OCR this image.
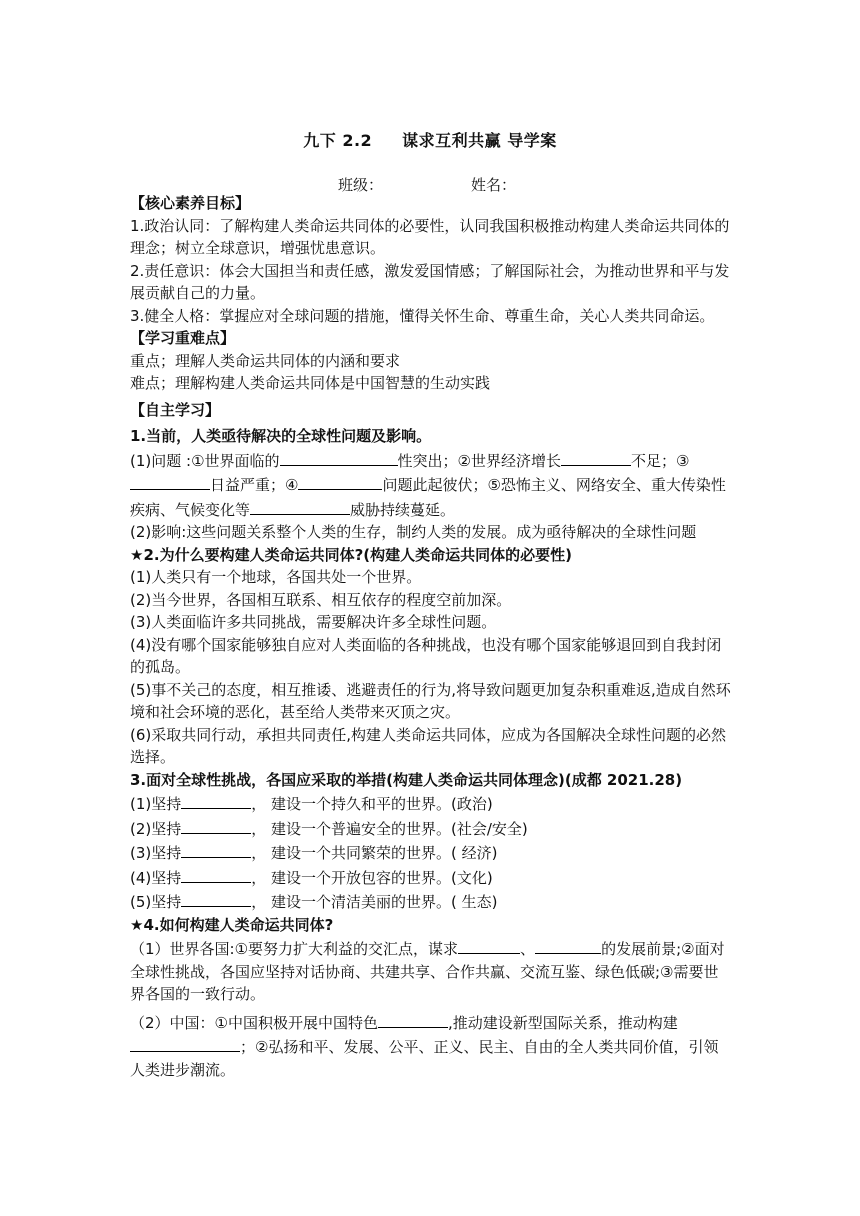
九下 2.2 谋求互利共赢 导学案
班级：	姓名：

【核心素养目标】

1.政治认同：了解构建人类命运共同体的必要性，认同我国积极推动构建人类命运共同体的理念；树立全球意识，增强忧患意识。

2.责任意识：体会大国担当和责任感，激发爱国情感；了解国际社会，为推动世界和平与发展贡献自己的力量。

3.健全人格：掌握应对全球问题的措施，懂得关怀生命、尊重生命，关心人类共同命运。

【学习重难点】

重点；理解人类命运共同体的内涵和要求

难点；理解构建人类命运共同体是中国智慧的生动实践

【自主学习】

1.当前，人类亟待解决的全球性问题及影响。

(1)问题 :①世界面临的	性突出；②世界经济增长	不足；③日益严重；④	问题此起彼伏；⑤恐怖主义、网络安全、重大传染性疾病、气候变化等	威胁持续蔓延。

(2)影响:这些问题关系整个人类的生存，制约人类的发展。成为亟待解决的全球性问题

★2.为什么要构建人类命运共同体?(构建人类命运共同体的必要性)

(1)人类只有一个地球，各国共处一个世界。

(2)当今世界，各国相互联系、相互依存的程度空前加深。

(3)人类面临许多共同挑战，需要解决许多全球性问题。

(4)没有哪个国家能够独自应对人类面临的各种挑战，也没有哪个国家能够退回到自我封闭的孤岛。

(5)事不关己的态度，相互推诿、逃避责任的行为,将导致问题更加复杂积重难返,造成自然环境和社会环境的恶化，甚至给人类带来灭顶之灾。

(6)采取共同行动，承担共同责任,构建人类命运共同体，应成为各国解决全球性问题的必然选择。

3.面对全球性挑战，各国应采取的举措(构建人类命运共同体理念)(成都 2021.28)

(1)坚持	， 建设一个持久和平的世界。(政治)

(2)坚持	， 建设一个普遍安全的世界。(社会/安全)

(3)坚持	， 建设一个共同繁荣的世界。( 经济)

(4)坚持	， 建设一个开放包容的世界。(文化)

(5)坚持	， 建设一个清洁美丽的世界。( 生态)

★4.如何构建人类命运共同体?

（1）世界各国:①要努力扩大利益的交汇点，谋求	、	的发展前景;②面对全球性挑战，各国应坚持对话协商、共建共享、合作共赢、交流互鉴、绿色低碳;③需要世界各国的一致行动。

（2）中国：①中国积极开展中国特色	,推动建设新型国际关系，推动构建；②弘扬和平、发展、公平、正义、民主、自由的全人类共同价值，引领人类进步潮流。
